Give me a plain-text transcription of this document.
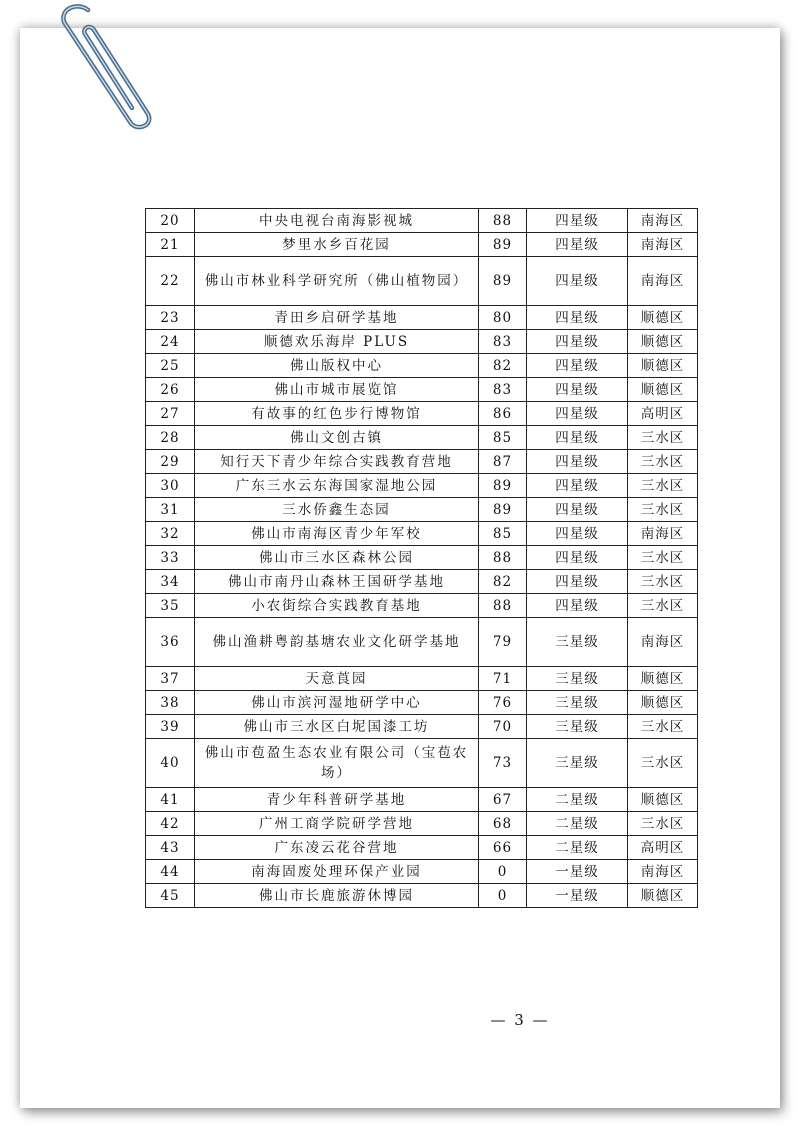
20	中央电视台南海影视城	88	四星级	南海区
21	梦里水乡百花园	89	四星级	南海区
22	佛山市林业科学研究所（佛山植物园）	89	四星级	南海区
23	青田乡启研学基地	80	四星级	顺德区
24	顺德欢乐海岸 PLUS	83	四星级	顺德区
25	佛山版权中心	82	四星级	顺德区
26	佛山市城市展览馆	83	四星级	顺德区
27	有故事的红色步行博物馆	86	四星级	高明区
28	佛山文创古镇	85	四星级	三水区
29	知行天下青少年综合实践教育营地	87	四星级	三水区
30	广东三水云东海国家湿地公园	89	四星级	三水区
31	三水侨鑫生态园	89	四星级	三水区
32	佛山市南海区青少年军校	85	四星级	南海区
33	佛山市三水区森林公园	88	四星级	三水区
34	佛山市南丹山森林王国研学基地	82	四星级	三水区
35	小农街综合实践教育基地	88	四星级	三水区
36	佛山渔耕粤韵基塘农业文化研学基地	79	三星级	南海区
37	天意莨园	71	三星级	顺德区
38	佛山市滨河湿地研学中心	76	三星级	顺德区
39	佛山市三水区白坭国漆工坊	70	三星级	三水区
40	佛山市苞盈生态农业有限公司（宝苞农场）	73	三星级	三水区
41	青少年科普研学基地	67	二星级	顺德区
42	广州工商学院研学营地	68	二星级	三水区
43	广东凌云花谷营地	66	二星级	高明区
44	南海固废处理环保产业园	0	一星级	南海区
45	佛山市长鹿旅游休博园	0	一星级	顺德区
— 3 —
